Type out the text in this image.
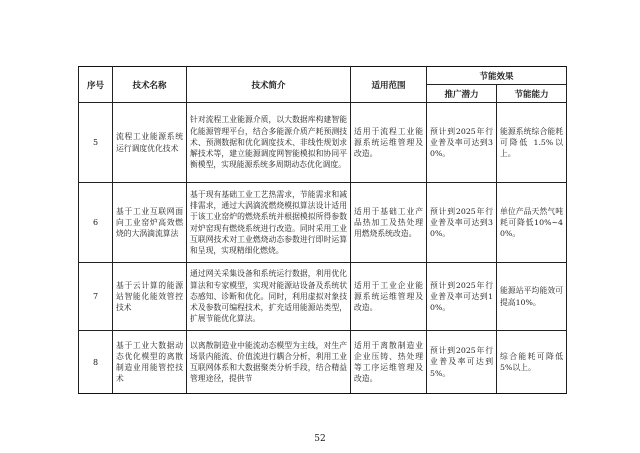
序号	技术名称	技术简介	适用范围	节能效果	
				推广潜力	节能能力
5	流程工业能源系统运行调度优化技术	针对流程工业能源介质，以大数据库构建智能化能源管理平台，结合多能源介质产耗预测技术、预测数据和优化调度技术、非线性规划求解技术等，建立能源调度网智能模拟和协同平衡模型，实现能源系统多周期动态优化调度。	适用于流程工业能源系统运维管理及改造。	预计到2025年行业普及率可达到30%。	能源系统综合能耗可降低 1.5%以上。

6	基于工业互联网面向工业窑炉高效燃烧的大涡滴流算法	基于现有基础工业工艺热需求，节能需求和减排需求，通过大涡滴流燃烧模拟算法设计适用于该工业窑炉的燃烧系统并根据模拟所得参数对炉窑现有燃烧系统进行改造。同时采用工业互联网技术对工业燃烧动态参数进行即时运算和呈现，实现精细化燃烧。	适用于基础工业产品热加工及热处理用燃烧系统改造。	预计到2025年行业普及率可达到30%。	单位产品天然气吨耗可降低10%~40%。

7	基于云计算的能源站智能化能效管控技术	通过网关采集设备和系统运行数据，利用优化算法和专家模型，实现对能源站设备及系统状态感知、诊断和优化。同时，利用虚拟对象技术及参数可编程技术，扩充适用能源站类型，扩展节能优化算法。	适用于工业企业能源系统运维管理及改造。	预计到2025年行业普及率可达到10%。	能源站平均能效可提高10%。

8	基于工业大数据动态优化模型的离散制造业用能管控技术	以离散制造业中能流动态模型为主线，对生产场景内能流、价值流进行耦合分析，利用工业互联网体系和大数据聚类分析手段，结合精益管理途径，提供节	适用于离散制造业企业压铸、热处理等工序运维管理及改造。	预计到2025年行业普及率可达到5%。	综合能耗可降低 5%以上。
52
